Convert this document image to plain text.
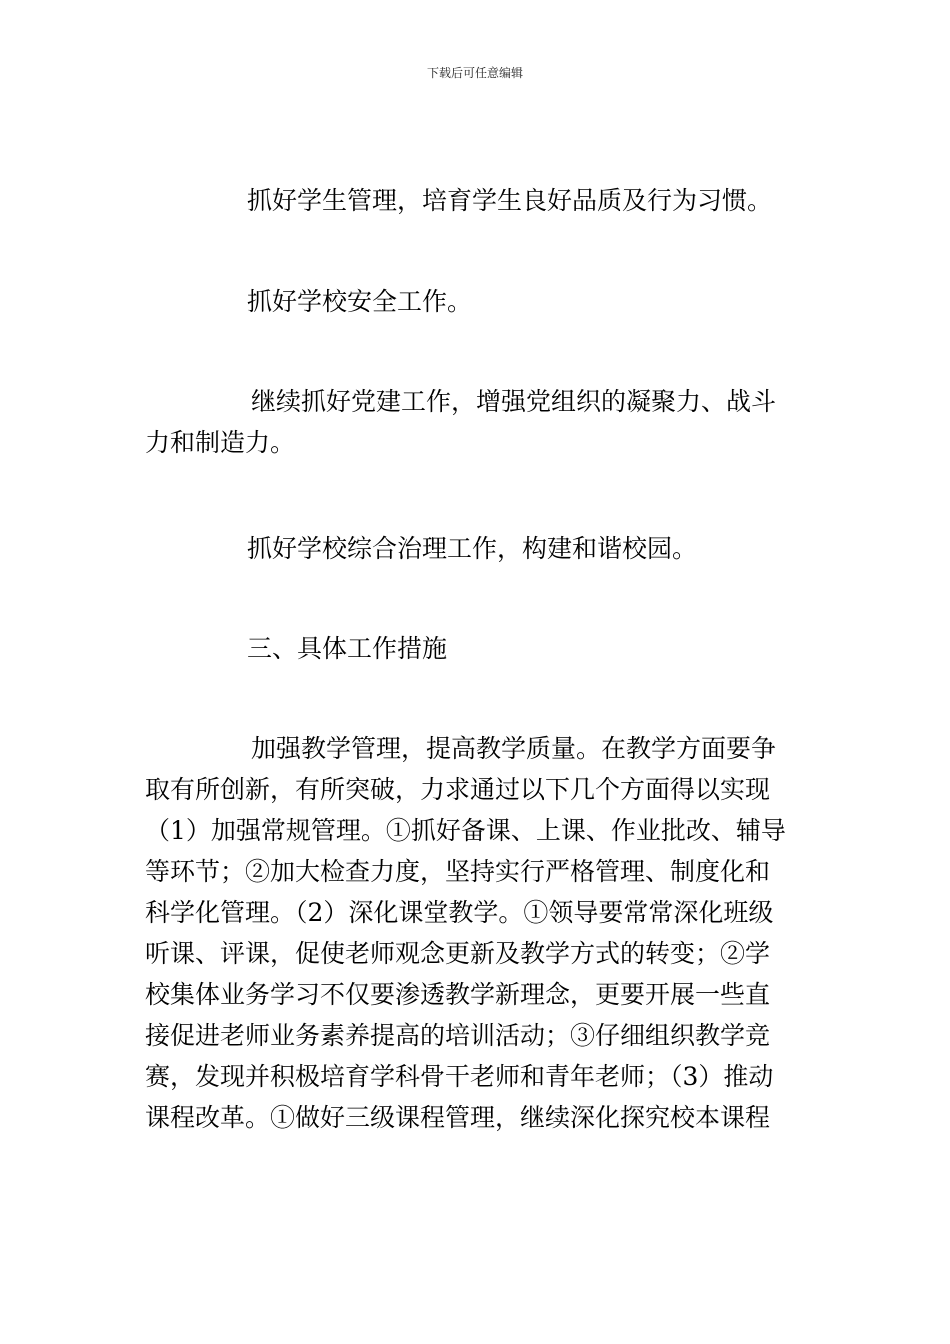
下载后可任意编辑
抓好学生管理，培育学生良好品质及行为习惯。
抓好学校安全工作。
继续抓好党建工作，增强党组织的凝聚力、战斗
力和制造力。
抓好学校综合治理工作，构建和谐校园。
三、具体工作措施
加强教学管理，提高教学质量。在教学方面要争
取有所创新，有所突破，力求通过以下几个方面得以实现
（1）加强常规管理。①抓好备课、上课、作业批改、辅导
等环节；②加大检查力度，坚持实行严格管理、制度化和
科学化管理。（2）深化课堂教学。①领导要常常深化班级
听课、评课，促使老师观念更新及教学方式的转变；②学
校集体业务学习不仅要渗透教学新理念，更要开展一些直
接促进老师业务素养提高的培训活动；③仔细组织教学竞
赛，发现并积极培育学科骨干老师和青年老师；（3）推动
课程改革。①做好三级课程管理，继续深化探究校本课程
